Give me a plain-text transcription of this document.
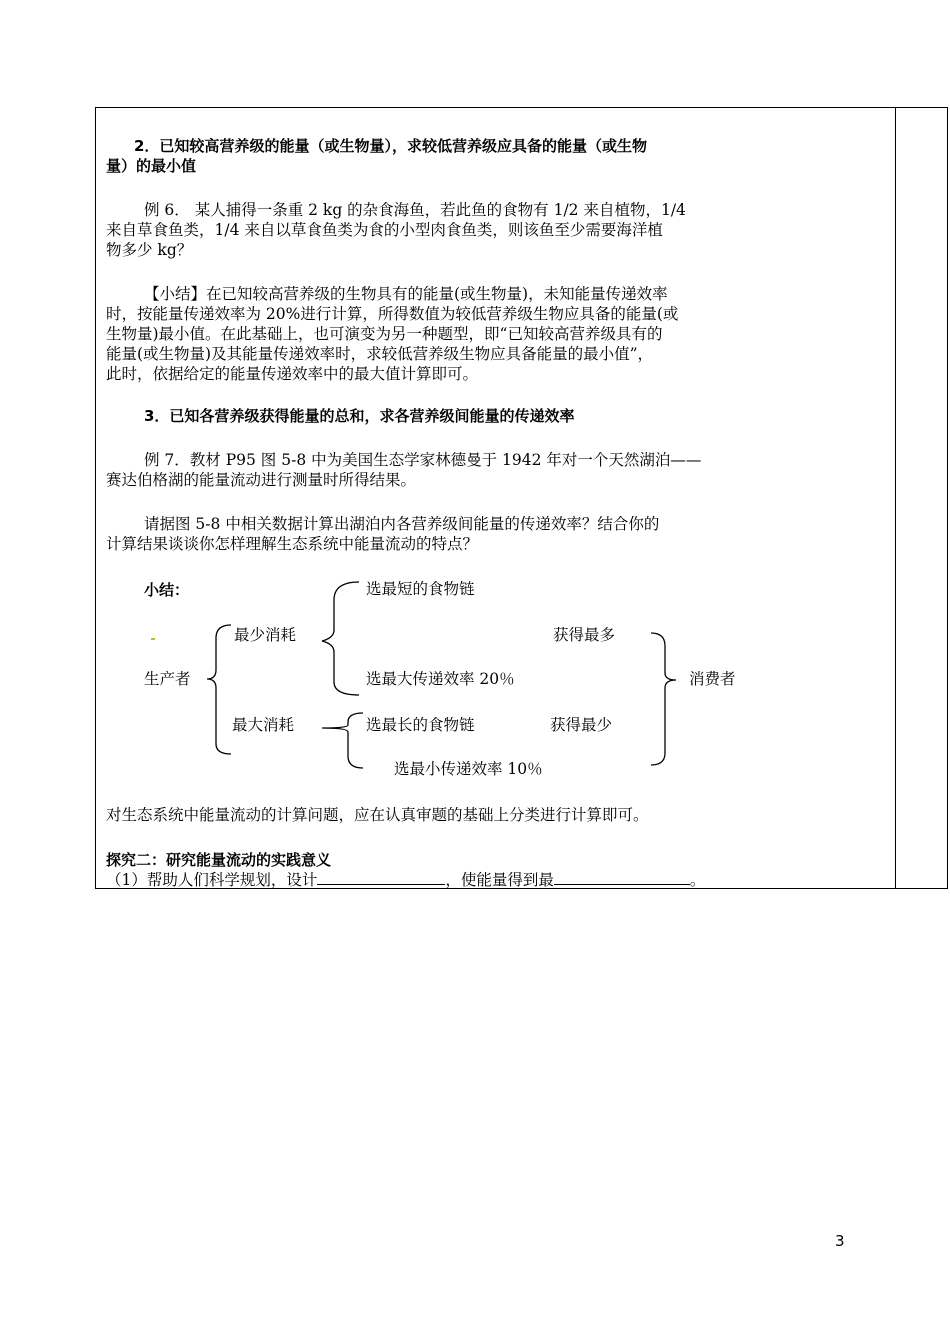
2．已知较高营养级的能量（或生物量），求较低营养级应具备的能量（或生物
量）的最小值
例 6． 某人捕得一条重 2 kg 的杂食海鱼，若此鱼的食物有 1/2 来自植物，1/4
来自草食鱼类，1/4 来自以草食鱼类为食的小型肉食鱼类，则该鱼至少需要海洋植
物多少 kg？
【小结】在已知较高营养级的生物具有的能量(或生物量)，未知能量传递效率
时，按能量传递效率为 20%进行计算，所得数值为较低营养级生物应具备的能量(或
生物量)最小值。在此基础上，也可演变为另一种题型，即“已知较高营养级具有的
能量(或生物量)及其能量传递效率时，求较低营养级生物应具备能量的最小值”，
此时，依据给定的能量传递效率中的最大值计算即可。
3．已知各营养级获得能量的总和，求各营养级间能量的传递效率
例 7．教材 P95 图 5-8 中为美国生态学家林德曼于 1942 年对一个天然湖泊——
赛达伯格湖的能量流动进行测量时所得结果。
请据图 5-8 中相关数据计算出湖泊内各营养级间能量的传递效率？结合你的
计算结果谈谈你怎样理解生态系统中能量流动的特点？
小结：
生产者
最少消耗
最大消耗
选最短的食物链
选最大传递效率 20％
选最长的食物链
选最小传递效率 10％
获得最多
获得最少
消费者
对生态系统中能量流动的计算问题，应在认真审题的基础上分类进行计算即可。
探究二：研究能量流动的实践意义
（1）帮助人们科学规划，设计	，使能量得到最	。
3
